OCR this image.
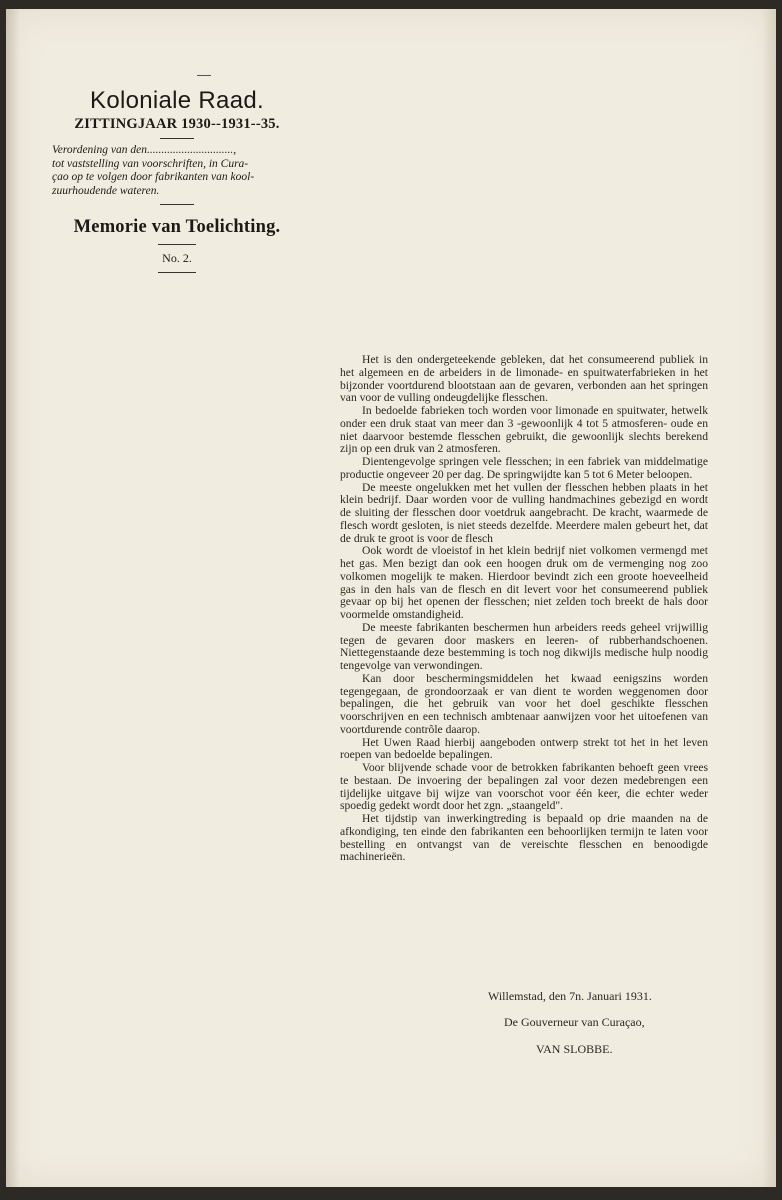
Koloniale Raad.
ZITTINGJAAR 1930--1931--35.

Verordening van den..............................,

tot vaststelling van voorschriften, in Cura-

çao op te volgen door fabrikanten van kool-

zuurhoudende wateren.

Memorie van Toelichting.
No. 2.

Het is den ondergeteekende gebleken, dat het consumeerend publiek in het algemeen en de arbeiders in de limonade- en spuitwaterfabrieken in het bijzonder voortdurend blootstaan aan de gevaren, verbonden aan het springen van voor de vulling ondeugdelijke flesschen.

In bedoelde fabrieken toch worden voor limonade en spuitwater, hetwelk onder een druk staat van meer dan 3 -gewoonlijk 4 tot 5 atmosferen- oude en niet daarvoor bestemde flesschen gebruikt, die gewoonlijk slechts berekend zijn op een druk van 2 atmosferen.

Dientengevolge springen vele flesschen; in een fabriek van middelmatige productie ongeveer 20 per dag. De springwijdte kan 5 tot 6 Meter beloopen.

De meeste ongelukken met het vullen der flesschen hebben plaats in het klein bedrijf. Daar worden voor de vulling handmachines gebezigd en wordt de sluiting der flesschen door voetdruk aangebracht. De kracht, waarmede de flesch wordt gesloten, is niet steeds dezelfde. Meerdere malen gebeurt het, dat de druk te groot is voor de flesch

Ook wordt de vloeistof in het klein bedrijf niet volkomen vermengd met het gas. Men bezigt dan ook een hoogen druk om de vermenging nog zoo volkomen mogelijk te maken. Hierdoor bevindt zich een groote hoeveelheid gas in den hals van de flesch en dit levert voor het consumeerend publiek gevaar op bij het openen der flesschen; niet zelden toch breekt de hals door voormelde omstandigheid.

De meeste fabrikanten beschermen hun arbeiders reeds geheel vrijwillig tegen de gevaren door maskers en leeren- of rubberhandschoenen. Niettegenstaande deze bestemming is toch nog dikwijls medische hulp noodig tengevolge van verwondingen.

Kan door beschermingsmiddelen het kwaad eenigszins worden tegengegaan, de grondoorzaak er van dient te worden weggenomen door bepalingen, die het gebruik van voor het doel geschikte flesschen voorschrijven en een technisch ambtenaar aanwijzen voor het uitoefenen van voortdurende contrôle daarop.

Het Uwen Raad hierbij aangeboden ontwerp strekt tot het in het leven roepen van bedoelde bepalingen.

Voor blijvende schade voor de betrokken fabrikanten behoeft geen vrees te bestaan. De invoering der bepalingen zal voor dezen medebrengen een tijdelijke uitgave bij wijze van voorschot voor één keer, die echter weder spoedig gedekt wordt door het zgn. „staangeld".

Het tijdstip van inwerkingtreding is bepaald op drie maanden na de afkondiging, ten einde den fabrikanten een behoorlijken termijn te laten voor bestelling en ontvangst van de vereischte flesschen en benoodigde machinerieën.

Willemstad, den 7n. Januari 1931.
De Gouverneur van Curaçao,
VAN SLOBBE.
